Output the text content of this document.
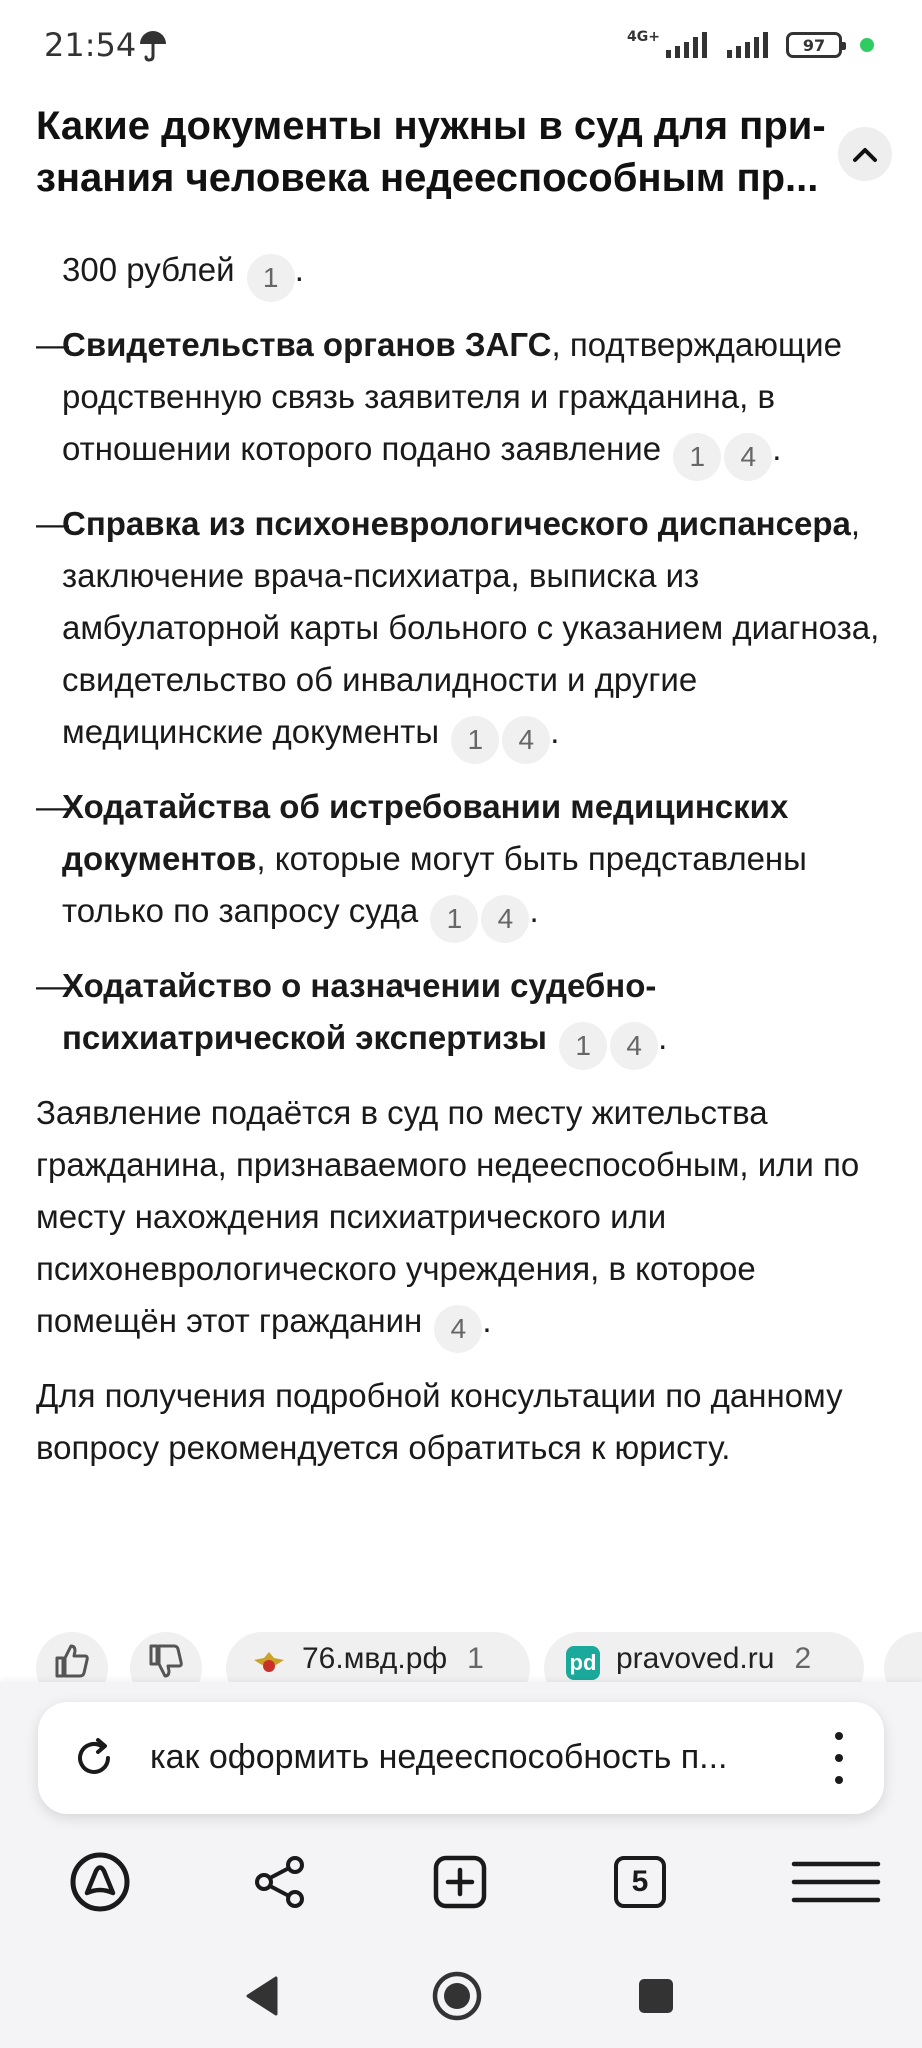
21:54	4G+	97
Какие документы нужны в суд для при-знания человека недееспособным пр...
300 рублей 1 .
—
Свидетельства органов ЗАГС, подтверждающие родственную связь заявителя и гражданина, в отношении которого подано заявление 1 4 .
—
Справка из психоневрологического диспансера, заключение врача-психиатра, выписка из амбулаторной карты больного с указанием диагноза, свидетельство об инвалидности и другие медицинские документы 1 4 .
—
Ходатайства об истребовании медицинских документов, которые могут быть представлены только по запросу суда 1 4 .
—
Ходатайство о назначении судебно-психиатрической экспертизы 1 4 .
Заявление подаётся в суд по месту жительства гражданина, признаваемого недееспособным, или по месту нахождения психиатрического или психоневрологического учреждения, в которое помещён этот гражданин 4 .
Для получения подробной консультации по данному вопросу рекомендуется обратиться к юристу.
76.мвд.рф 1	pd pravoved.ru 2
как оформить недееспособность п...
5
